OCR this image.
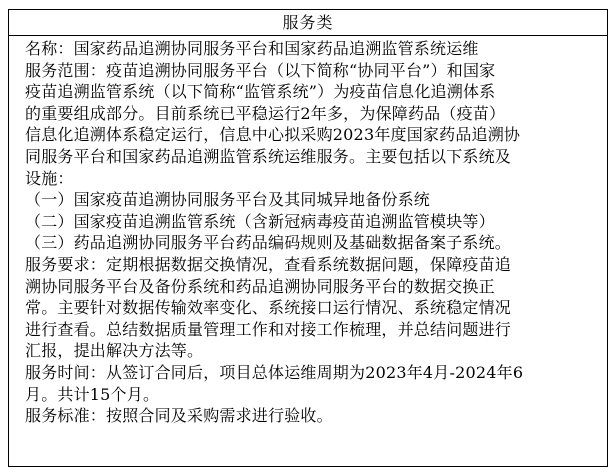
服务类
名称：国家药品追溯协同服务平台和国家药品追溯监管系统运维
服务范围：疫苗追溯协同服务平台（以下简称“协同平台”）和国家
疫苗追溯监管系统（以下简称“监管系统”）为疫苗信息化追溯体系
的重要组成部分。目前系统已平稳运行2年多，为保障药品（疫苗）
信息化追溯体系稳定运行，信息中心拟采购2023年度国家药品追溯协
同服务平台和国家药品追溯监管系统运维服务。主要包括以下系统及
设施：
（一）国家疫苗追溯协同服务平台及其同城异地备份系统
（二）国家疫苗追溯监管系统（含新冠病毒疫苗追溯监管模块等）
（三）药品追溯协同服务平台药品编码规则及基础数据备案子系统。
服务要求：定期根据数据交换情况，查看系统数据问题，保障疫苗追
溯协同服务平台及备份系统和药品追溯协同服务平台的数据交换正
常。主要针对数据传输效率变化、系统接口运行情况、系统稳定情况
进行查看。总结数据质量管理工作和对接工作梳理，并总结问题进行
汇报，提出解决方法等。
服务时间：从签订合同后，项目总体运维周期为2023年4月-2024年6
月。共计15个月。
服务标准：按照合同及采购需求进行验收。
